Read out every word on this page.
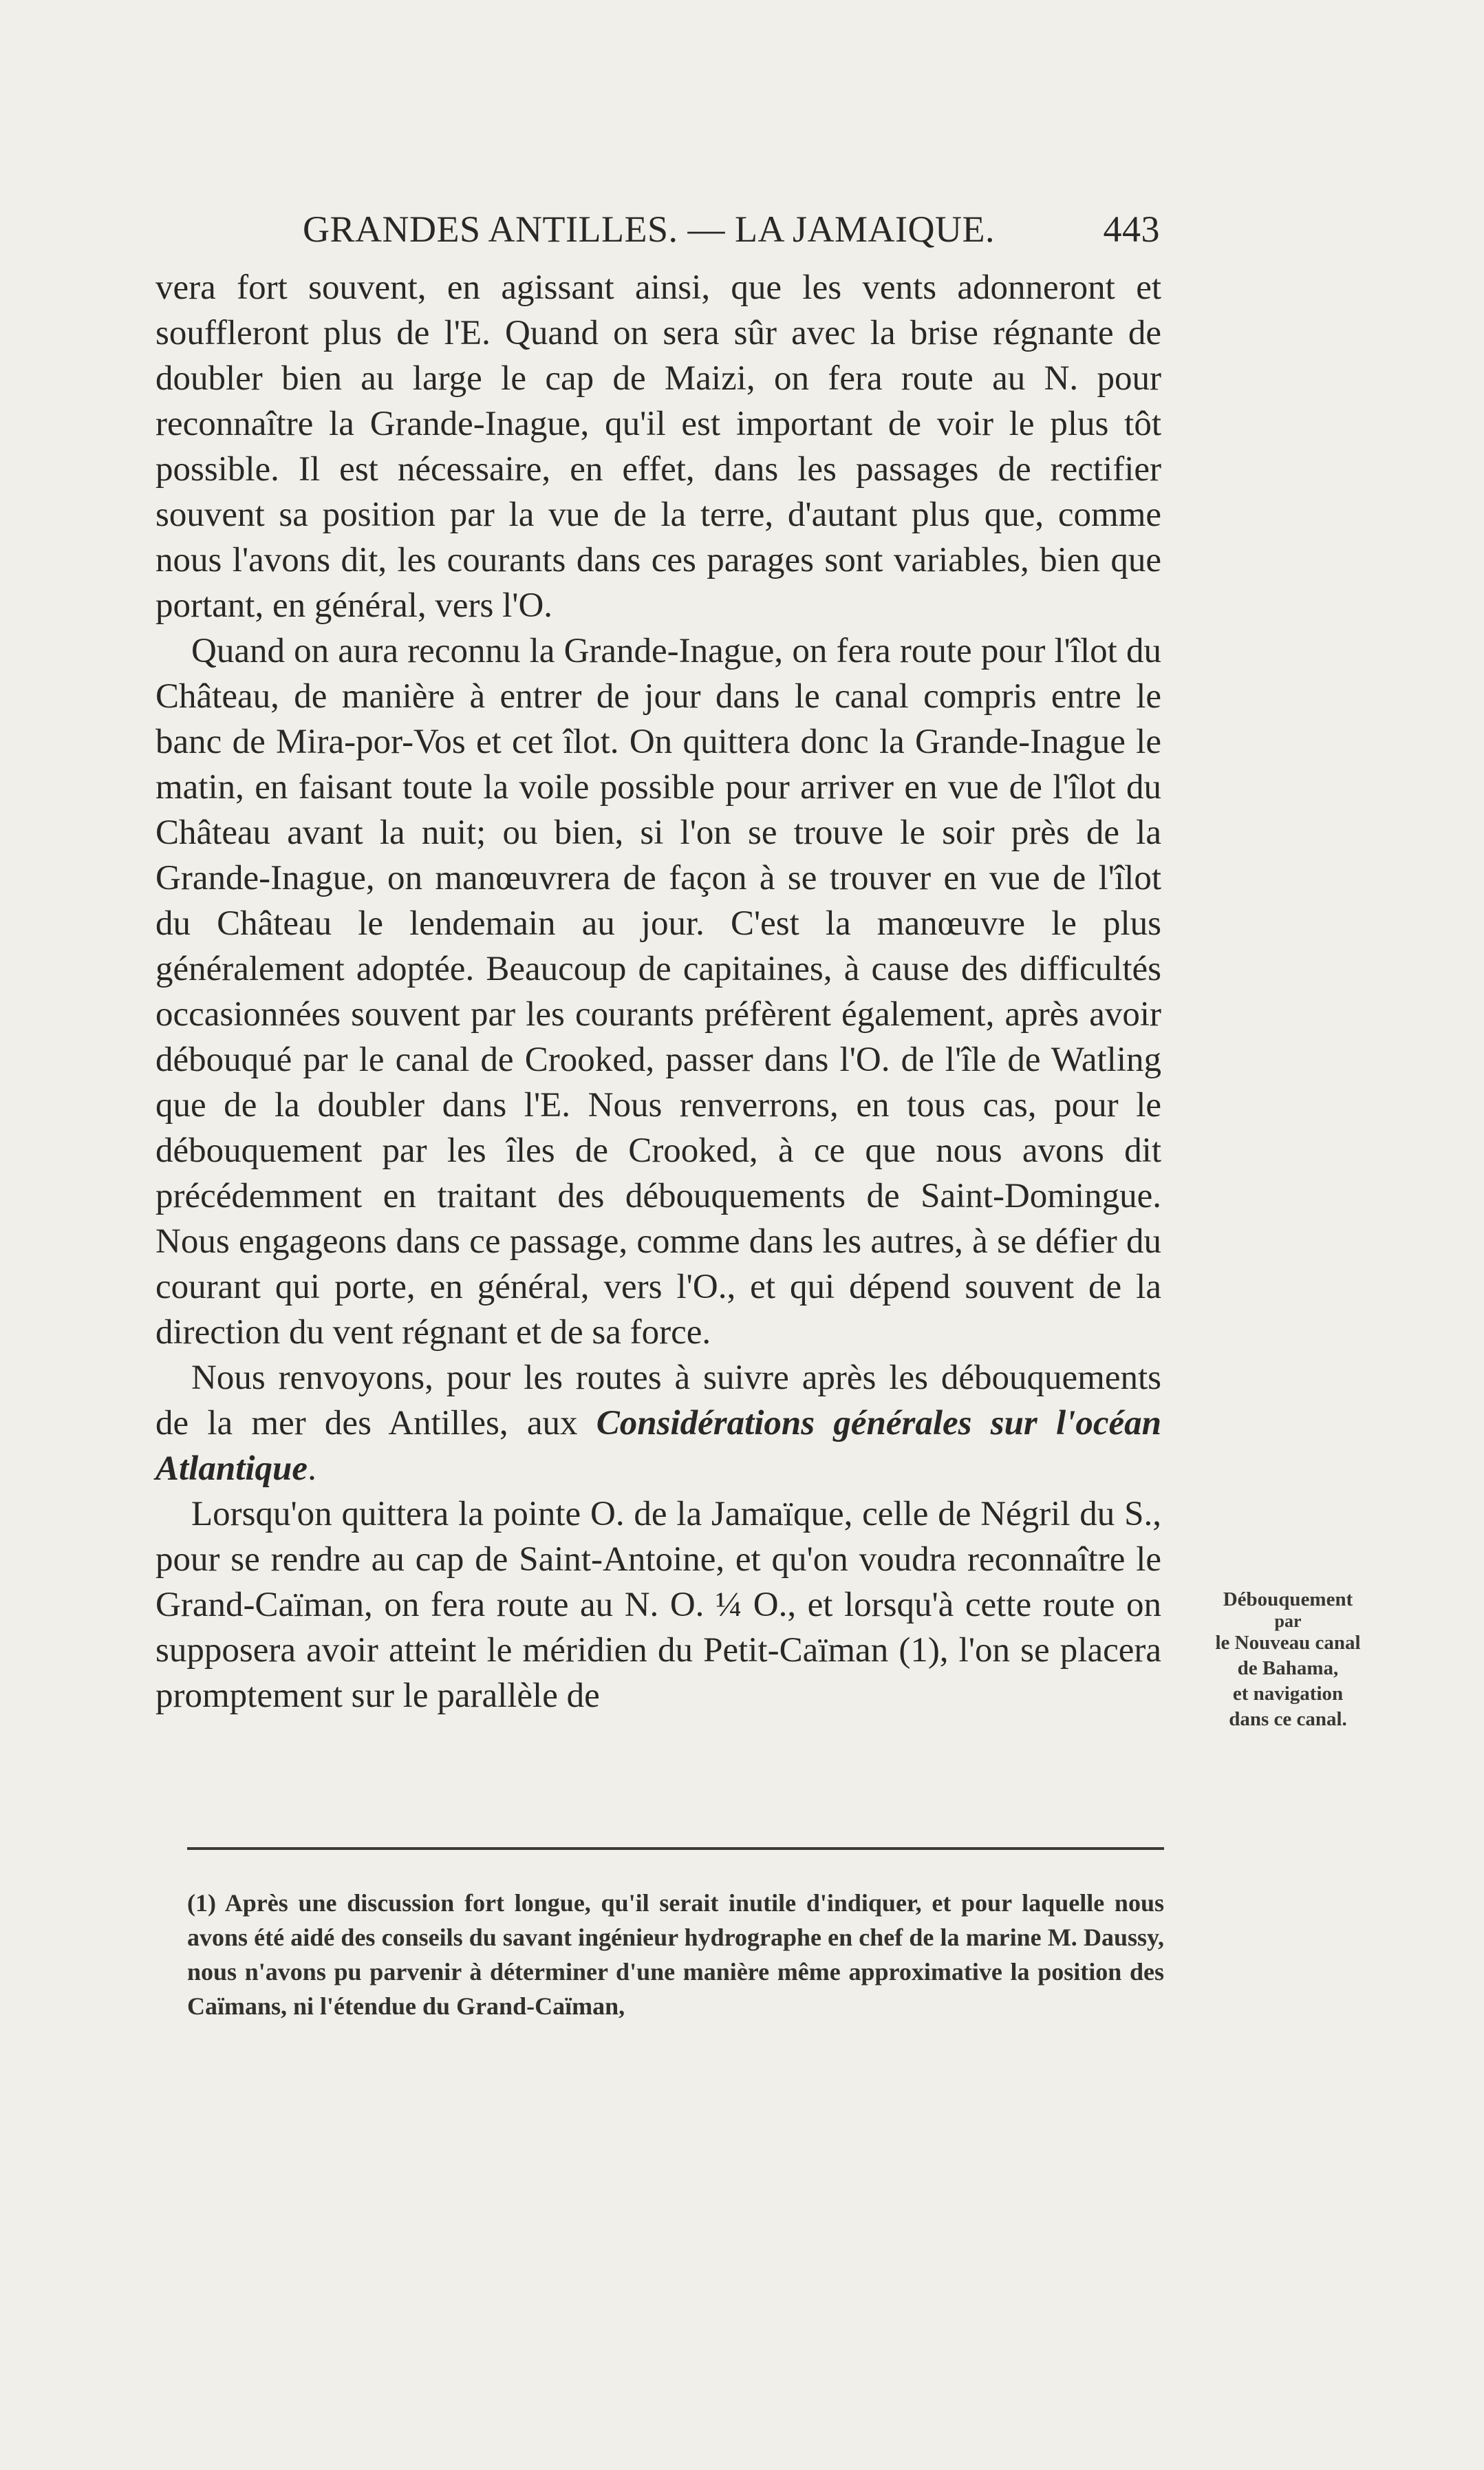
GRANDES ANTILLES. — LA JAMAIQUE.	443

vera fort souvent, en agissant ainsi, que les vents adonneront et souffleront plus de l'E. Quand on sera sûr avec la brise régnante de doubler bien au large le cap de Maizi, on fera route au N. pour reconnaître la Grande-Inague, qu'il est important de voir le plus tôt possible. Il est nécessaire, en effet, dans les passages de rectifier souvent sa position par la vue de la terre, d'autant plus que, comme nous l'avons dit, les courants dans ces parages sont variables, bien que portant, en général, vers l'O.

Quand on aura reconnu la Grande-Inague, on fera route pour l'îlot du Château, de manière à entrer de jour dans le canal compris entre le banc de Mira-por-Vos et cet îlot. On quittera donc la Grande-Inague le matin, en faisant toute la voile possible pour arriver en vue de l'îlot du Château avant la nuit; ou bien, si l'on se trouve le soir près de la Grande-Inague, on manœuvrera de façon à se trouver en vue de l'îlot du Château le lendemain au jour. C'est la manœuvre le plus généralement adoptée. Beaucoup de capitaines, à cause des difficultés occasionnées souvent par les courants préfèrent également, après avoir débouqué par le canal de Crooked, passer dans l'O. de l'île de Watling que de la doubler dans l'E. Nous renverrons, en tous cas, pour le débouquement par les îles de Crooked, à ce que nous avons dit précédemment en traitant des débouquements de Saint-Domingue. Nous engageons dans ce passage, comme dans les autres, à se défier du courant qui porte, en général, vers l'O., et qui dépend souvent de la direction du vent régnant et de sa force.

Nous renvoyons, pour les routes à suivre après les débouquements de la mer des Antilles, aux Considérations générales sur l'océan Atlantique.

Lorsqu'on quittera la pointe O. de la Jamaïque, celle de Négril du S., pour se rendre au cap de Saint-Antoine, et qu'on voudra reconnaître le Grand-Caïman, on fera route au N. O. ¼ O., et lorsqu'à cette route on supposera avoir atteint le méridien du Petit-Caïman (1), l'on se placera promptement sur le parallèle de

Débouquement
par
le Nouveau canal
de Bahama,
et navigation
dans ce canal.
(1) Après une discussion fort longue, qu'il serait inutile d'indiquer, et pour laquelle nous avons été aidé des conseils du savant ingénieur hydrographe en chef de la marine M. Daussy, nous n'avons pu parvenir à déterminer d'une manière même approximative la position des Caïmans, ni l'étendue du Grand-Caïman,
